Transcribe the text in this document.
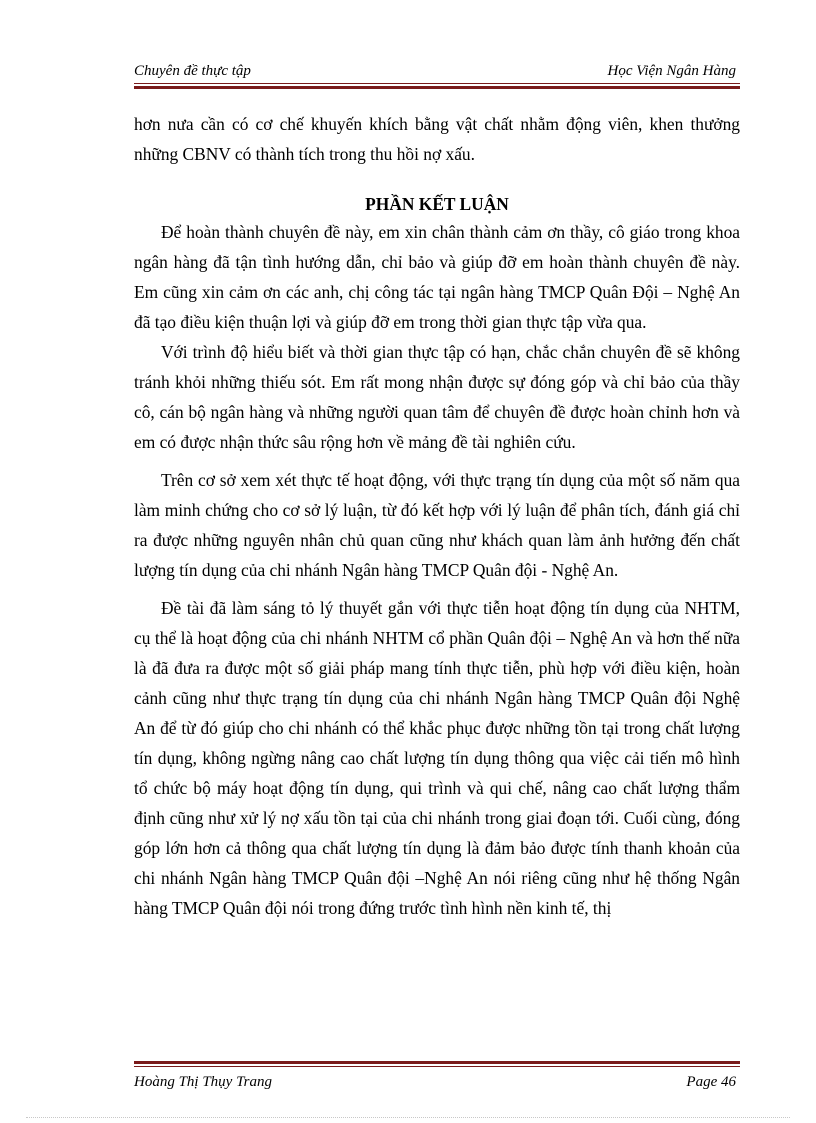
Chuyên đề thực tập	Học Viện Ngân Hàng

hơn nưa cần có cơ chế khuyến khích bằng vật chất nhằm động viên, khen thưởng những CBNV có thành tích trong thu hồi nợ xấu.

PHẦN KẾT LUẬN

Để hoàn thành chuyên đề này, em xin chân thành cảm ơn thầy, cô giáo trong khoa ngân hàng đã tận tình hướng dẫn, chỉ bảo và giúp đỡ em hoàn thành chuyên đề này. Em cũng xin cảm ơn các anh, chị công tác tại ngân hàng TMCP Quân Đội – Nghệ An đã tạo điều kiện thuận lợi và giúp đỡ em trong thời gian thực tập vừa qua.

Với trình độ hiểu biết và thời gian thực tập có hạn, chắc chắn chuyên đề sẽ không tránh khỏi những thiếu sót. Em rất mong nhận được sự đóng góp và chỉ bảo của thầy cô, cán bộ ngân hàng và những người quan tâm để chuyên đề được hoàn chỉnh hơn và em có được nhận thức sâu rộng hơn về mảng đề tài nghiên cứu.

Trên cơ sở xem xét thực tế hoạt động, với thực trạng tín dụng của một số năm qua làm minh chứng cho cơ sở lý luận, từ đó kết hợp với lý luận để phân tích, đánh giá chỉ ra được những nguyên nhân chủ quan cũng như khách quan làm ảnh hưởng đến chất lượng tín dụng của chi nhánh Ngân hàng TMCP Quân đội - Nghệ An.

Đề tài đã làm sáng tỏ lý thuyết gắn với thực tiễn hoạt động tín dụng của NHTM, cụ thể là hoạt động của chi nhánh NHTM cổ phần Quân đội – Nghệ An và hơn thế nữa là đã đưa ra được một số giải pháp mang tính thực tiễn, phù hợp với điều kiện, hoàn cảnh cũng như thực trạng tín dụng của chi nhánh Ngân hàng TMCP Quân đội Nghệ An để từ đó giúp cho chi nhánh có thể khắc phục được những tồn tại trong chất lượng tín dụng, không ngừng nâng cao chất lượng tín dụng thông qua việc cải tiến mô hình tổ chức bộ máy hoạt động tín dụng, qui trình và qui chế, nâng cao chất lượng thẩm định cũng như xử lý nợ xấu tồn tại của chi nhánh trong giai đoạn tới. Cuối cùng, đóng góp lớn hơn cả thông qua chất lượng tín dụng là đảm bảo được tính thanh khoản của chi nhánh Ngân hàng TMCP Quân đội –Nghệ An nói riêng cũng như hệ thống Ngân hàng TMCP Quân đội nói trong đứng trước tình hình nền kinh tế, thị

Hoàng Thị Thụy Trang	Page 46
